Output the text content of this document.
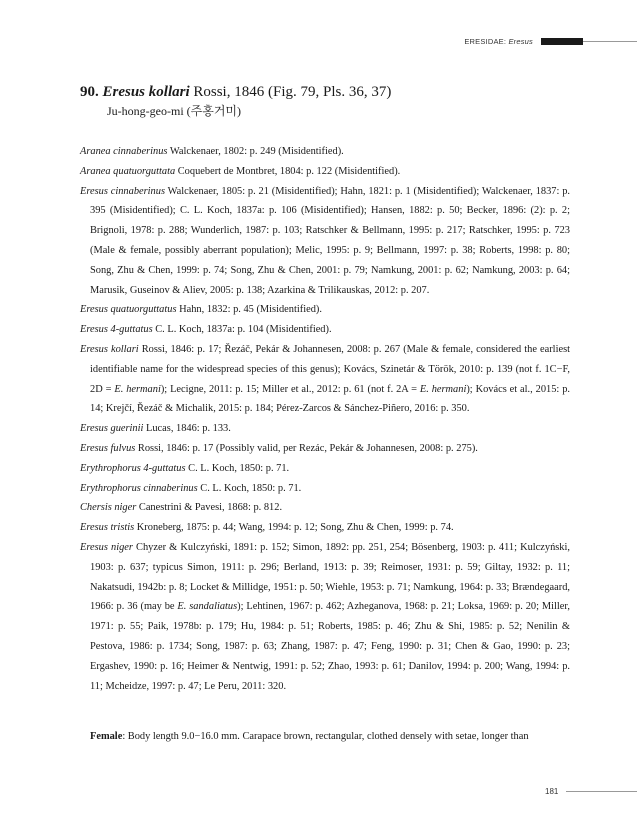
ERESIDAE: Eresus
90. Eresus kollari Rossi, 1846 (Fig. 79, Pls. 36, 37)
Ju-hong-geo-mi (주홍거미)
Aranea cinnaberinus Walckenaer, 1802: p. 249 (Misidentified).
Aranea quatuorguttata Coquebert de Montbret, 1804: p. 122 (Misidentified).
Eresus cinnaberinus Walckenaer, 1805: p. 21 (Misidentified); Hahn, 1821: p. 1 (Misidentified); Walckenaer, 1837: p. 395 (Misidentified); C. L. Koch, 1837a: p. 106 (Misidentified); Hansen, 1882: p. 50; Becker, 1896: (2): p. 2; Brignoli, 1978: p. 288; Wunderlich, 1987: p. 103; Ratschker & Bellmann, 1995: p. 217; Ratschker, 1995: p. 723 (Male & female, possibly aberrant population); Melic, 1995: p. 9; Bellmann, 1997: p. 38; Roberts, 1998: p. 80; Song, Zhu & Chen, 1999: p. 74; Song, Zhu & Chen, 2001: p. 79; Namkung, 2001: p. 62; Namkung, 2003: p. 64; Marusik, Guseinov & Aliev, 2005: p. 138; Azarkina & Trilikauskas, 2012: p. 207.
Eresus quatuorguttatus Hahn, 1832: p. 45 (Misidentified).
Eresus 4-guttatus C. L. Koch, 1837a: p. 104 (Misidentified).
Eresus kollari Rossi, 1846: p. 17; Řezáč, Pekár & Johannesen, 2008: p. 267 (Male & female, considered the earliest identifiable name for the widespread species of this genus); Kovács, Szinetár & Török, 2010: p. 139 (not f. 1C−F, 2D = E. hermani); Lecigne, 2011: p. 15; Miller et al., 2012: p. 61 (not f. 2A = E. hermani); Kovács et al., 2015: p. 14; Krejčí, Řezáč & Michalik, 2015: p. 184; Pérez-Zarcos & Sánchez-Piñero, 2016: p. 350.
Eresus guerinii Lucas, 1846: p. 133.
Eresus fulvus Rossi, 1846: p. 17 (Possibly valid, per Rezác, Pekár & Johannesen, 2008: p. 275).
Erythrophorus 4-guttatus C. L. Koch, 1850: p. 71.
Erythrophorus cinnaberinus C. L. Koch, 1850: p. 71.
Chersis niger Canestrini & Pavesi, 1868: p. 812.
Eresus tristis Kroneberg, 1875: p. 44; Wang, 1994: p. 12; Song, Zhu & Chen, 1999: p. 74.
Eresus niger Chyzer & Kulczyński, 1891: p. 152; Simon, 1892: pp. 251, 254; Bösenberg, 1903: p. 411; Kulczyński, 1903: p. 637; typicus Simon, 1911: p. 296; Berland, 1913: p. 39; Reimoser, 1931: p. 59; Giltay, 1932: p. 11; Nakatsudi, 1942b: p. 8; Locket & Millidge, 1951: p. 50; Wiehle, 1953: p. 71; Namkung, 1964: p. 33; Brændegaard, 1966: p. 36 (may be E. sandaliatus); Lehtinen, 1967: p. 462; Azheganova, 1968: p. 21; Loksa, 1969: p. 20; Miller, 1971: p. 55; Paik, 1978b: p. 179; Hu, 1984: p. 51; Roberts, 1985: p. 46; Zhu & Shi, 1985: p. 52; Nenilin & Pestova, 1986: p. 1734; Song, 1987: p. 63; Zhang, 1987: p. 47; Feng, 1990: p. 31; Chen & Gao, 1990: p. 23; Ergashev, 1990: p. 16; Heimer & Nentwig, 1991: p. 52; Zhao, 1993: p. 61; Danilov, 1994: p. 200; Wang, 1994: p. 11; Mcheidze, 1997: p. 47; Le Peru, 2011: 320.
Female: Body length 9.0−16.0 mm. Carapace brown, rectangular, clothed densely with setae, longer than
181
